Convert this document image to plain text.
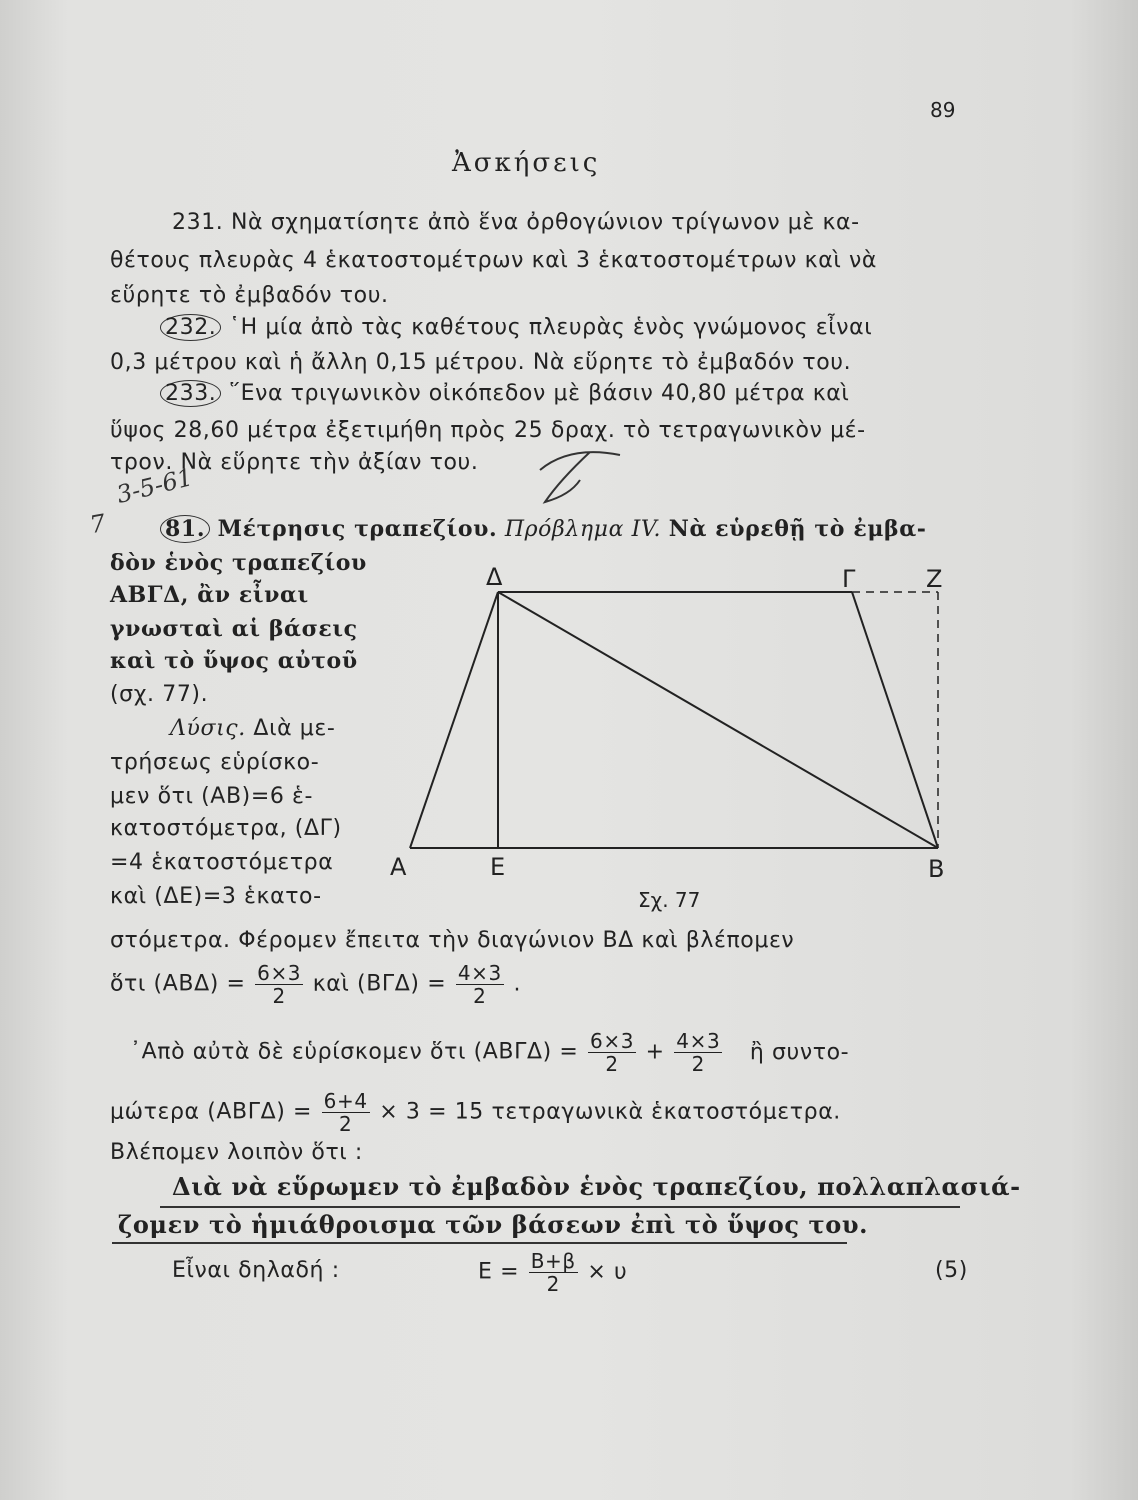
89
Ἀσκήσεις
231. Νὰ σχηματίσητε ἀπὸ ἕνα ὀρθογώνιον τρίγωνον μὲ κα-
θέτους πλευρὰς 4 ἑκατοστομέτρων καὶ 3 ἑκατοστομέτρων καὶ νὰ
εὕρητε τὸ ἐμβαδόν του.
232. ῾Η μία ἀπὸ τὰς καθέτους πλευρὰς ἑνὸς γνώμονος εἶναι
0,3 μέτρου καὶ ἡ ἄλλη 0,15 μέτρου. Νὰ εὕρητε τὸ ἐμβαδόν του.
233. ῞Ενα τριγωνικὸν οἰκόπεδον μὲ βάσιν 40,80 μέτρα καὶ
ὕψος 28,60 μέτρα ἐξετιμήθη πρὸς 25 δραχ. τὸ τετραγωνικὸν μέ-
τρον. Νὰ εὕρητε τὴν ἀξίαν του.
3-5-61
7	81. Μέτρησις τραπεζίου. Πρόβλημα IV. Νὰ εὑρεθῇ τὸ ἐμβα-
δὸν ἑνὸς τραπεζίου
ΑΒΓΔ, ἂν εἶναι
γνωσταὶ αἱ βάσεις
καὶ τὸ ὕψος αὐτοῦ
(σχ. 77).
Λύσις. Διὰ με-
τρήσεως εὑρίσκο-
μεν ὅτι (ΑΒ)=6 ἑ-
κατοστόμετρα, (ΔΓ)
=4 ἑκατοστόμετρα
καὶ (ΔΕ)=3 ἑκατο-
Δ	Γ	Z
Α	Ε	Β
Σχ. 77
στόμετρα. Φέρομεν ἔπειτα τὴν διαγώνιον ΒΔ καὶ βλέπομεν
ὅτι $(AB\Delta) = \frac{6\times 3}{2}$ καὶ $(B\Gamma\Delta) = \frac{4\times 3}{2}$ .
᾿Απὸ αὐτὰ δὲ εὑρίσκομεν ὅτι $(AB\Gamma\Delta) = \frac{6\times 3}{2} + \frac{4\times 3}{2}$ ἢ συντο-
μώτερα $(AB\Gamma\Delta) = \frac{6+4}{2} \times 3 = 15$ τετραγωνικὰ ἑκατοστόμετρα.
Βλέπομεν λοιπὸν ὅτι :
Διὰ νὰ εὕρωμεν τὸ ἐμβαδὸν ἑνὸς τραπεζίου, πολλαπλασιά-
ζομεν τὸ ἡμιάθροισμα τῶν βάσεων ἐπὶ τὸ ὕψος του.
Εἶναι δηλαδή :	$E = \frac{B+\beta}{2} \times \upsilon$	(5)
